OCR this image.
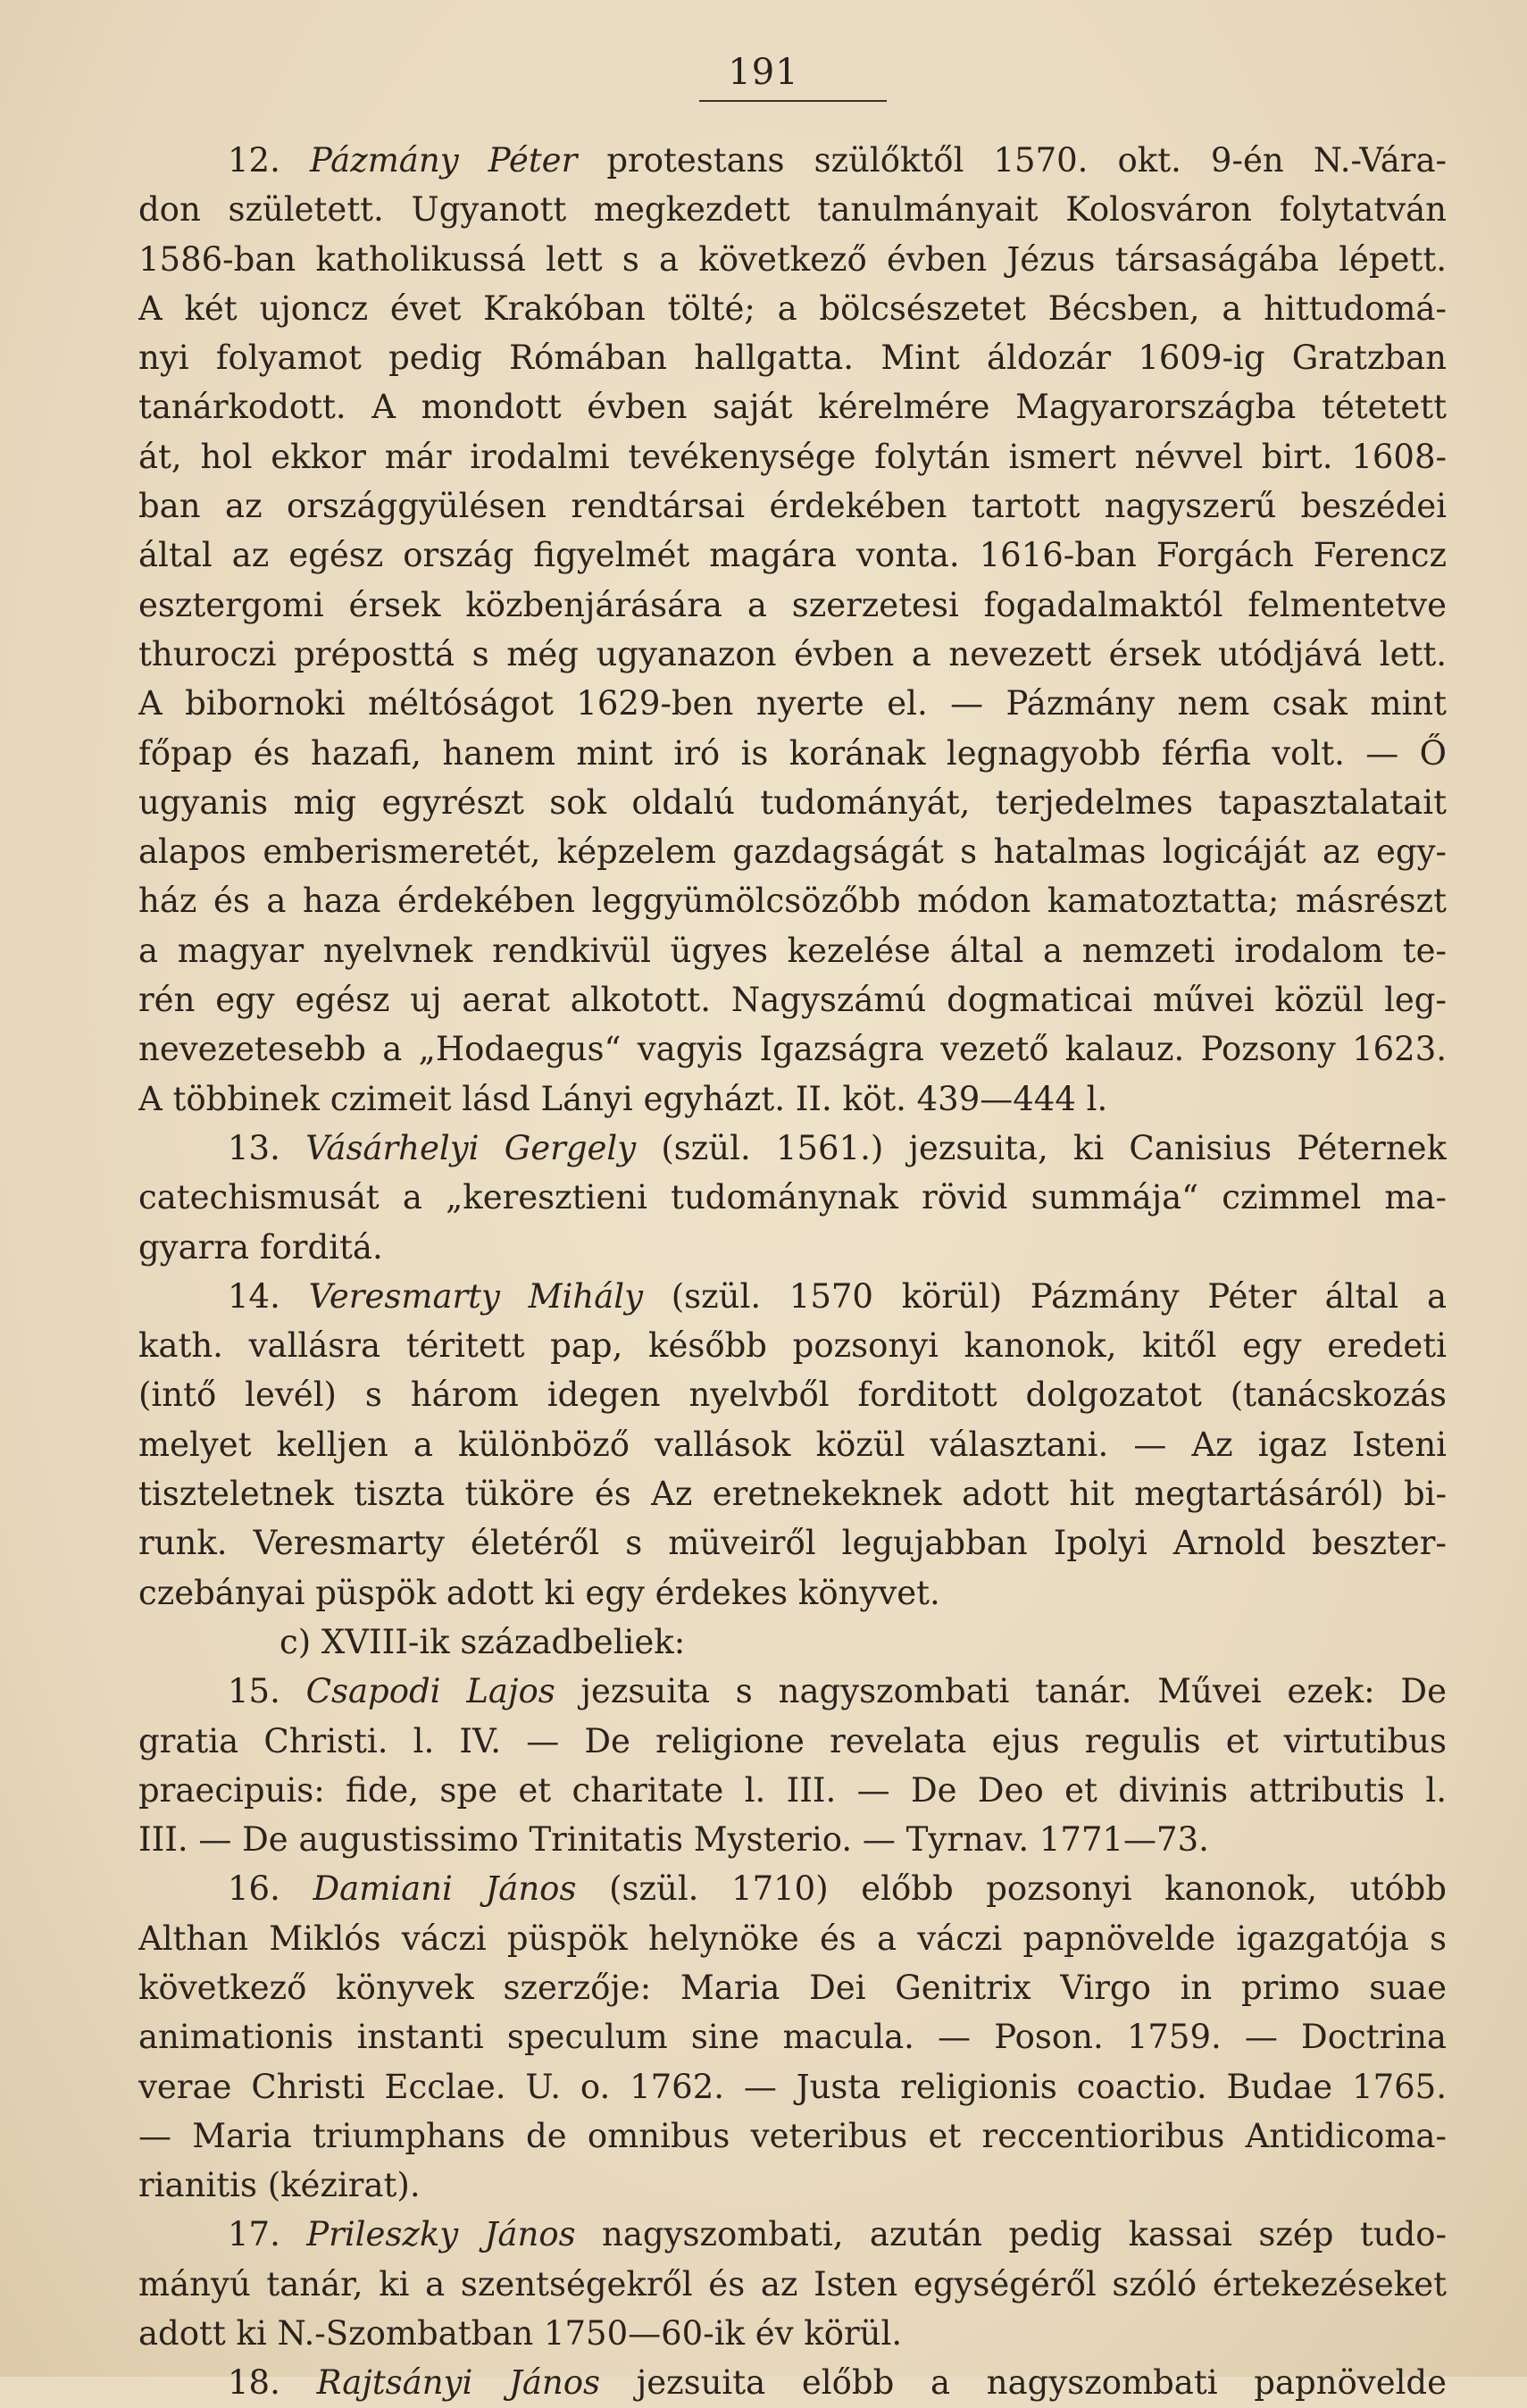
191
12. Pázmány Péter protestans szülőktől 1570. okt. 9-én N.-Vára-
don született. Ugyanott megkezdett tanulmányait Kolosváron folytatván
1586-ban katholikussá lett s a következő évben Jézus társaságába lépett.
A két ujoncz évet Krakóban tölté; a bölcsészetet Bécsben, a hittudomá-
nyi folyamot pedig Rómában hallgatta. Mint áldozár 1609-ig Gratzban
tanárkodott. A mondott évben saját kérelmére Magyarországba tétetett
át, hol ekkor már irodalmi tevékenysége folytán ismert névvel birt. 1608-
ban az országgyülésen rendtársai érdekében tartott nagyszerű beszédei
által az egész ország figyelmét magára vonta. 1616-ban Forgách Ferencz
esztergomi érsek közbenjárására a szerzetesi fogadalmaktól felmentetve
thuroczi préposttá s még ugyanazon évben a nevezett érsek utódjává lett.
A bibornoki méltóságot 1629-ben nyerte el. — Pázmány nem csak mint
főpap és hazafi, hanem mint iró is korának legnagyobb férfia volt. — Ő
ugyanis mig egyrészt sok oldalú tudományát, terjedelmes tapasztalatait
alapos emberismeretét, képzelem gazdagságát s hatalmas logicáját az egy-
ház és a haza érdekében leggyümölcsözőbb módon kamatoztatta; másrészt
a magyar nyelvnek rendkivül ügyes kezelése által a nemzeti irodalom te-
rén egy egész uj aerat alkotott. Nagyszámú dogmaticai művei közül leg-
nevezetesebb a „Hodaegus“ vagyis Igazságra vezető kalauz. Pozsony 1623.
A többinek czimeit lásd Lányi egyházt. II. köt. 439—444 l.
13. Vásárhelyi Gergely (szül. 1561.) jezsuita, ki Canisius Péternek
catechismusát a „keresztieni tudománynak rövid summája“ czimmel ma-
gyarra forditá.
14. Veresmarty Mihály (szül. 1570 körül) Pázmány Péter által a
kath. vallásra téritett pap, később pozsonyi kanonok, kitől egy eredeti
(intő levél) s három idegen nyelvből forditott dolgozatot (tanácskozás
melyet kelljen a különböző vallások közül választani. — Az igaz Isteni
tiszteletnek tiszta tüköre és Az eretnekeknek adott hit megtartásáról) bi-
runk. Veresmarty életéről s müveiről legujabban Ipolyi Arnold beszter-
czebányai püspök adott ki egy érdekes könyvet.
c) XVIII-ik századbeliek:
15. Csapodi Lajos jezsuita s nagyszombati tanár. Művei ezek: De
gratia Christi. l. IV. — De religione revelata ejus regulis et virtutibus
praecipuis: fide, spe et charitate l. III. — De Deo et divinis attributis l.
III. — De augustissimo Trinitatis Mysterio. — Tyrnav. 1771—73.
16. Damiani János (szül. 1710) előbb pozsonyi kanonok, utóbb
Althan Miklós váczi püspök helynöke és a váczi papnövelde igazgatója s
következő könyvek szerzője: Maria Dei Genitrix Virgo in primo suae
animationis instanti speculum sine macula. — Poson. 1759. — Doctrina
verae Christi Ecclae. U. o. 1762. — Justa religionis coactio. Budae 1765.
— Maria triumphans de omnibus veteribus et reccentioribus Antidicoma-
rianitis (kézirat).
17. Prileszky János nagyszombati, azután pedig kassai szép tudo-
mányú tanár, ki a szentségekről és az Isten egységéről szóló értekezéseket
adott ki N.-Szombatban 1750—60-ik év körül.
18. Rajtsányi János jezsuita előbb a nagyszombati papnövelde
